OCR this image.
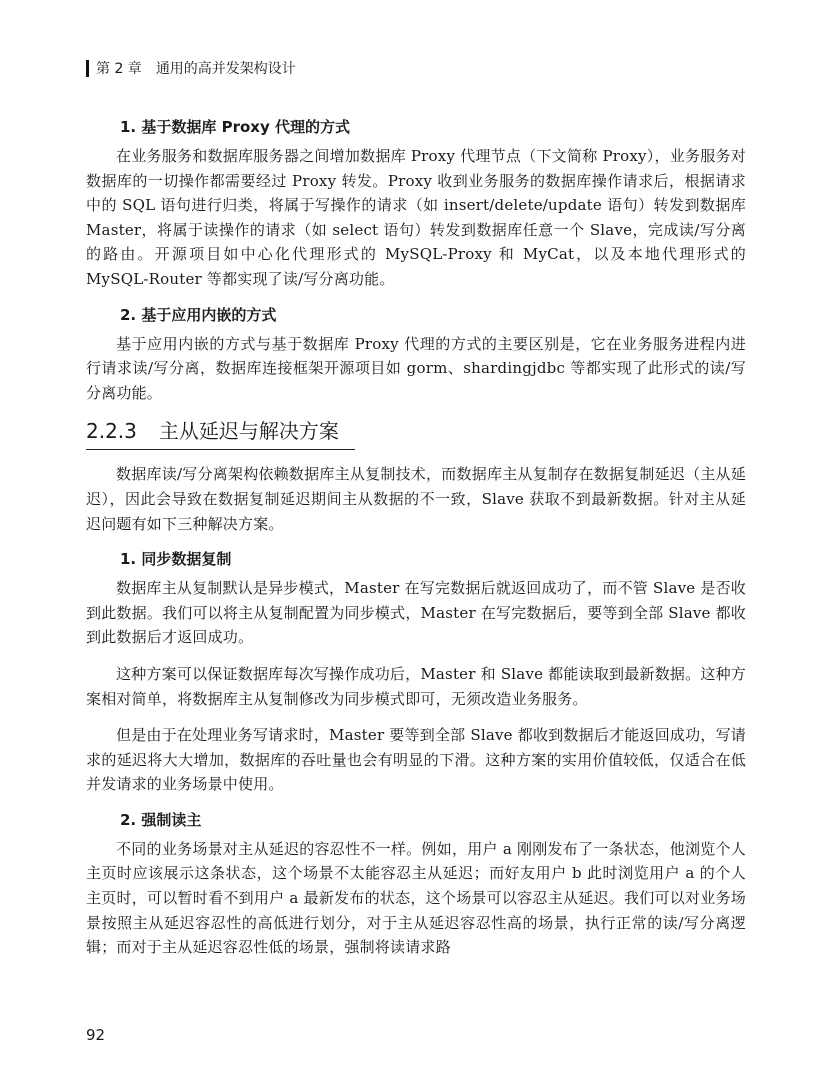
第 2 章 通用的高并发架构设计
1. 基于数据库 Proxy 代理的方式

在业务服务和数据库服务器之间增加数据库 Proxy 代理节点（下文简称 Proxy），业务服务对数据库的一切操作都需要经过 Proxy 转发。Proxy 收到业务服务的数据库操作请求后，根据请求中的 SQL 语句进行归类，将属于写操作的请求（如 insert/delete/update 语句）转发到数据库 Master，将属于读操作的请求（如 select 语句）转发到数据库任意一个 Slave，完成读/写分离的路由。开源项目如中心化代理形式的 MySQL-Proxy 和 MyCat，以及本地代理形式的 MySQL-Router 等都实现了读/写分离功能。

2. 基于应用内嵌的方式

基于应用内嵌的方式与基于数据库 Proxy 代理的方式的主要区别是，它在业务服务进程内进行请求读/写分离，数据库连接框架开源项目如 gorm、shardingjdbc 等都实现了此形式的读/写分离功能。

2.2.3 主从延迟与解决方案

数据库读/写分离架构依赖数据库主从复制技术，而数据库主从复制存在数据复制延迟（主从延迟），因此会导致在数据复制延迟期间主从数据的不一致，Slave 获取不到最新数据。针对主从延迟问题有如下三种解决方案。

1. 同步数据复制

数据库主从复制默认是异步模式，Master 在写完数据后就返回成功了，而不管 Slave 是否收到此数据。我们可以将主从复制配置为同步模式，Master 在写完数据后，要等到全部 Slave 都收到此数据后才返回成功。

这种方案可以保证数据库每次写操作成功后，Master 和 Slave 都能读取到最新数据。这种方案相对简单，将数据库主从复制修改为同步模式即可，无须改造业务服务。

但是由于在处理业务写请求时，Master 要等到全部 Slave 都收到数据后才能返回成功，写请求的延迟将大大增加，数据库的吞吐量也会有明显的下滑。这种方案的实用价值较低，仅适合在低并发请求的业务场景中使用。

2. 强制读主

不同的业务场景对主从延迟的容忍性不一样。例如，用户 a 刚刚发布了一条状态，他浏览个人主页时应该展示这条状态，这个场景不太能容忍主从延迟；而好友用户 b 此时浏览用户 a 的个人主页时，可以暂时看不到用户 a 最新发布的状态，这个场景可以容忍主从延迟。我们可以对业务场景按照主从延迟容忍性的高低进行划分，对于主从延迟容忍性高的场景，执行正常的读/写分离逻辑；而对于主从延迟容忍性低的场景，强制将读请求路

92
